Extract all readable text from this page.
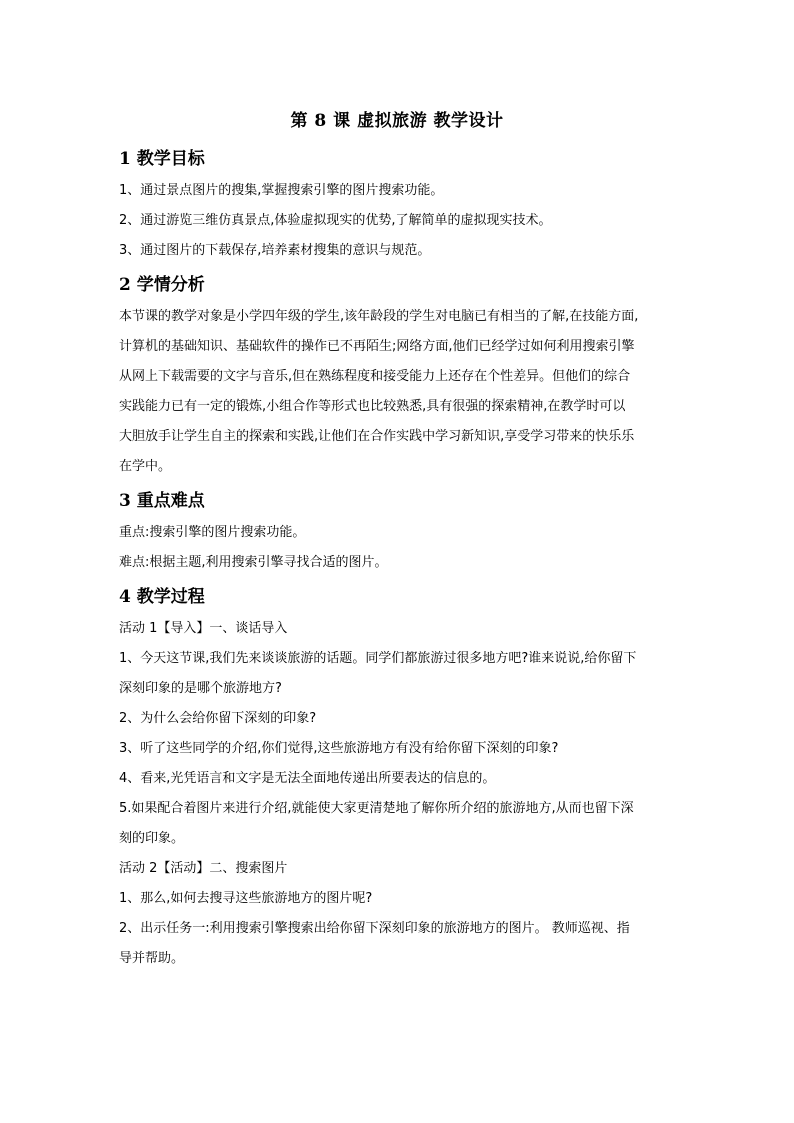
第 8 课 虚拟旅游 教学设计
1 教学目标

1、通过景点图片的搜集,掌握搜索引擎的图片搜索功能。

2、通过游览三维仿真景点,体验虚拟现实的优势,了解简单的虚拟现实技术。

3、通过图片的下载保存,培养素材搜集的意识与规范。

2 学情分析

本节课的教学对象是小学四年级的学生,该年龄段的学生对电脑已有相当的了解,在技能方面,

计算机的基础知识、基础软件的操作已不再陌生;网络方面,他们已经学过如何利用搜索引擎

从网上下载需要的文字与音乐,但在熟练程度和接受能力上还存在个性差异。但他们的综合

实践能力已有一定的锻炼,小组合作等形式也比较熟悉,具有很强的探索精神,在教学时可以

大胆放手让学生自主的探索和实践,让他们在合作实践中学习新知识,享受学习带来的快乐乐

在学中。

3 重点难点

重点:搜索引擎的图片搜索功能。

难点:根据主题,利用搜索引擎寻找合适的图片。

4 教学过程

活动 1【导入】一、谈话导入

1、今天这节课,我们先来谈谈旅游的话题。同学们都旅游过很多地方吧?谁来说说,给你留下

深刻印象的是哪个旅游地方?

2、为什么会给你留下深刻的印象?

3、听了这些同学的介绍,你们觉得,这些旅游地方有没有给你留下深刻的印象?

4、看来,光凭语言和文字是无法全面地传递出所要表达的信息的。

5.如果配合着图片来进行介绍,就能使大家更清楚地了解你所介绍的旅游地方,从而也留下深

刻的印象。

活动 2【活动】二、搜索图片

1、那么,如何去搜寻这些旅游地方的图片呢?

2、出示任务一:利用搜索引擎搜索出给你留下深刻印象的旅游地方的图片。 教师巡视、指

导并帮助。
